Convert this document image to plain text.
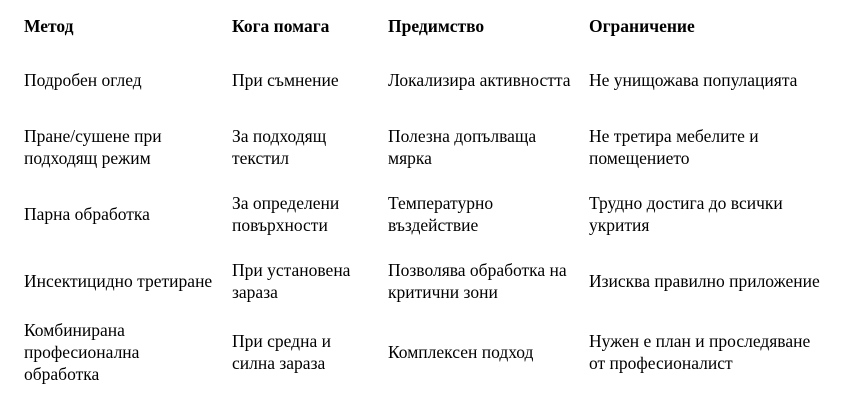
Метод	Кога помага	Предимство	Ограничение
Подробен оглед	При съмнение	Локализира активността	Не унищожава популацията
Пране/сушене при подходящ режим	За подходящ текстил	Полезна допълваща мярка	Не третира мебелите и помещението
Парна обработка	За определени повърхности	Температурно въздействие	Трудно достига до всички укрития
Инсектицидно третиране	При установена зараза	Позволява обработка на критични зони	Изисква правилно приложение
Комбинирана професионална обработка	При средна и силна зараза	Комплексен подход	Нужен е план и проследяване от професионалист
